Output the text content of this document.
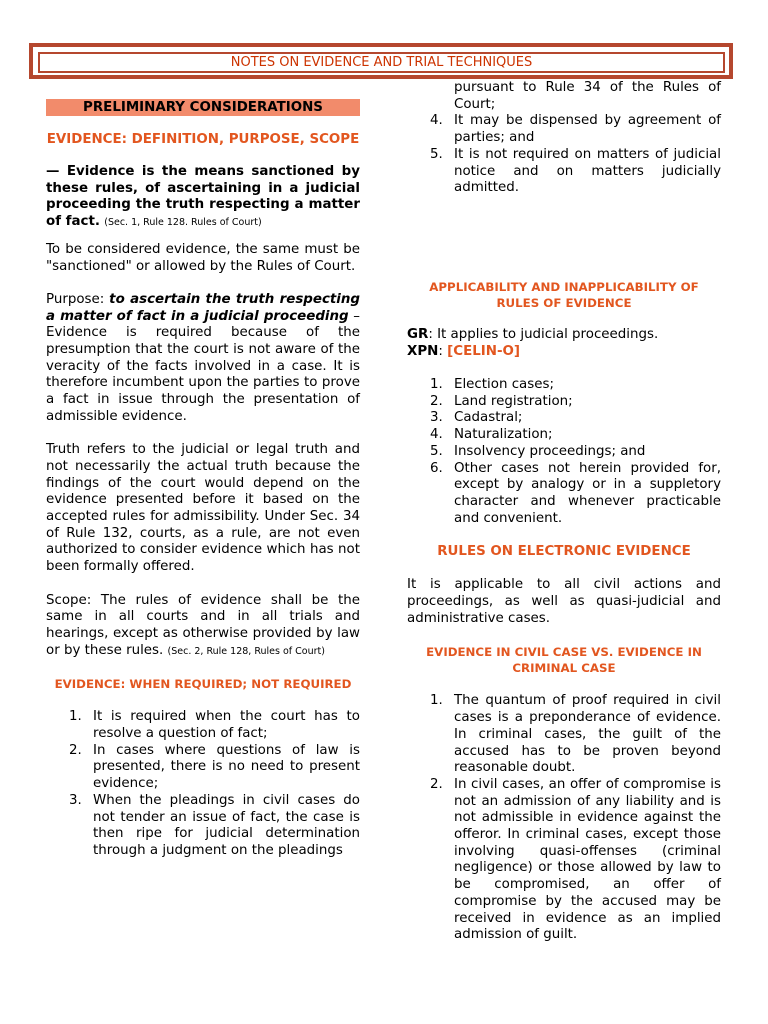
NOTES ON EVIDENCE AND TRIAL TECHNIQUES
PRELIMINARY CONSIDERATIONS
EVIDENCE: DEFINITION, PURPOSE, SCOPE

— Evidence is the means sanctioned by these rules, of ascertaining in a judicial proceeding the truth respecting a matter of fact. (Sec. 1, Rule 128. Rules of Court)

To be considered evidence, the same must be "sanctioned" or allowed by the Rules of Court.

Purpose: to ascertain the truth respecting a matter of fact in a judicial proceeding – Evidence is required because of the presumption that the court is not aware of the veracity of the facts involved in a case. It is therefore incumbent upon the parties to prove a fact in issue through the presentation of admissible evidence.

Truth refers to the judicial or legal truth and not necessarily the actual truth because the findings of the court would depend on the evidence presented before it based on the accepted rules for admissibility. Under Sec. 34 of Rule 132, courts, as a rule, are not even authorized to consider evidence which has not been formally offered.

Scope: The rules of evidence shall be the same in all courts and in all trials and hearings, except as otherwise provided by law or by these rules. (Sec. 2, Rule 128, Rules of Court)

EVIDENCE: WHEN REQUIRED; NOT REQUIRED
1. It is required when the court has to resolve a question of fact;
2. In cases where questions of law is presented, there is no need to present evidence;
3. When the pleadings in civil cases do not tender an issue of fact, the case is then ripe for judicial determination through a judgment on the pleadings
pursuant to Rule 34 of the Rules of Court;
4. It may be dispensed by agreement of parties; and
5. It is not required on matters of judicial notice and on matters judicially admitted.
APPLICABILITY AND INAPPLICABILITY OF RULES OF EVIDENCE

GR: It applies to judicial proceedings.

XPN: [CELIN-O]

1. Election cases;
2. Land registration;
3. Cadastral;
4. Naturalization;
5. Insolvency proceedings; and
6. Other cases not herein provided for, except by analogy or in a suppletory character and whenever practicable and convenient.
RULES ON ELECTRONIC EVIDENCE

It is applicable to all civil actions and proceedings, as well as quasi-judicial and administrative cases.

EVIDENCE IN CIVIL CASE VS. EVIDENCE IN CRIMINAL CASE
1. The quantum of proof required in civil cases is a preponderance of evidence. In criminal cases, the guilt of the accused has to be proven beyond reasonable doubt.
2. In civil cases, an offer of compromise is not an admission of any liability and is not admissible in evidence against the offeror. In criminal cases, except those involving quasi-offenses (criminal negligence) or those allowed by law to be compromised, an offer of compromise by the accused may be received in evidence as an implied admission of guilt.
